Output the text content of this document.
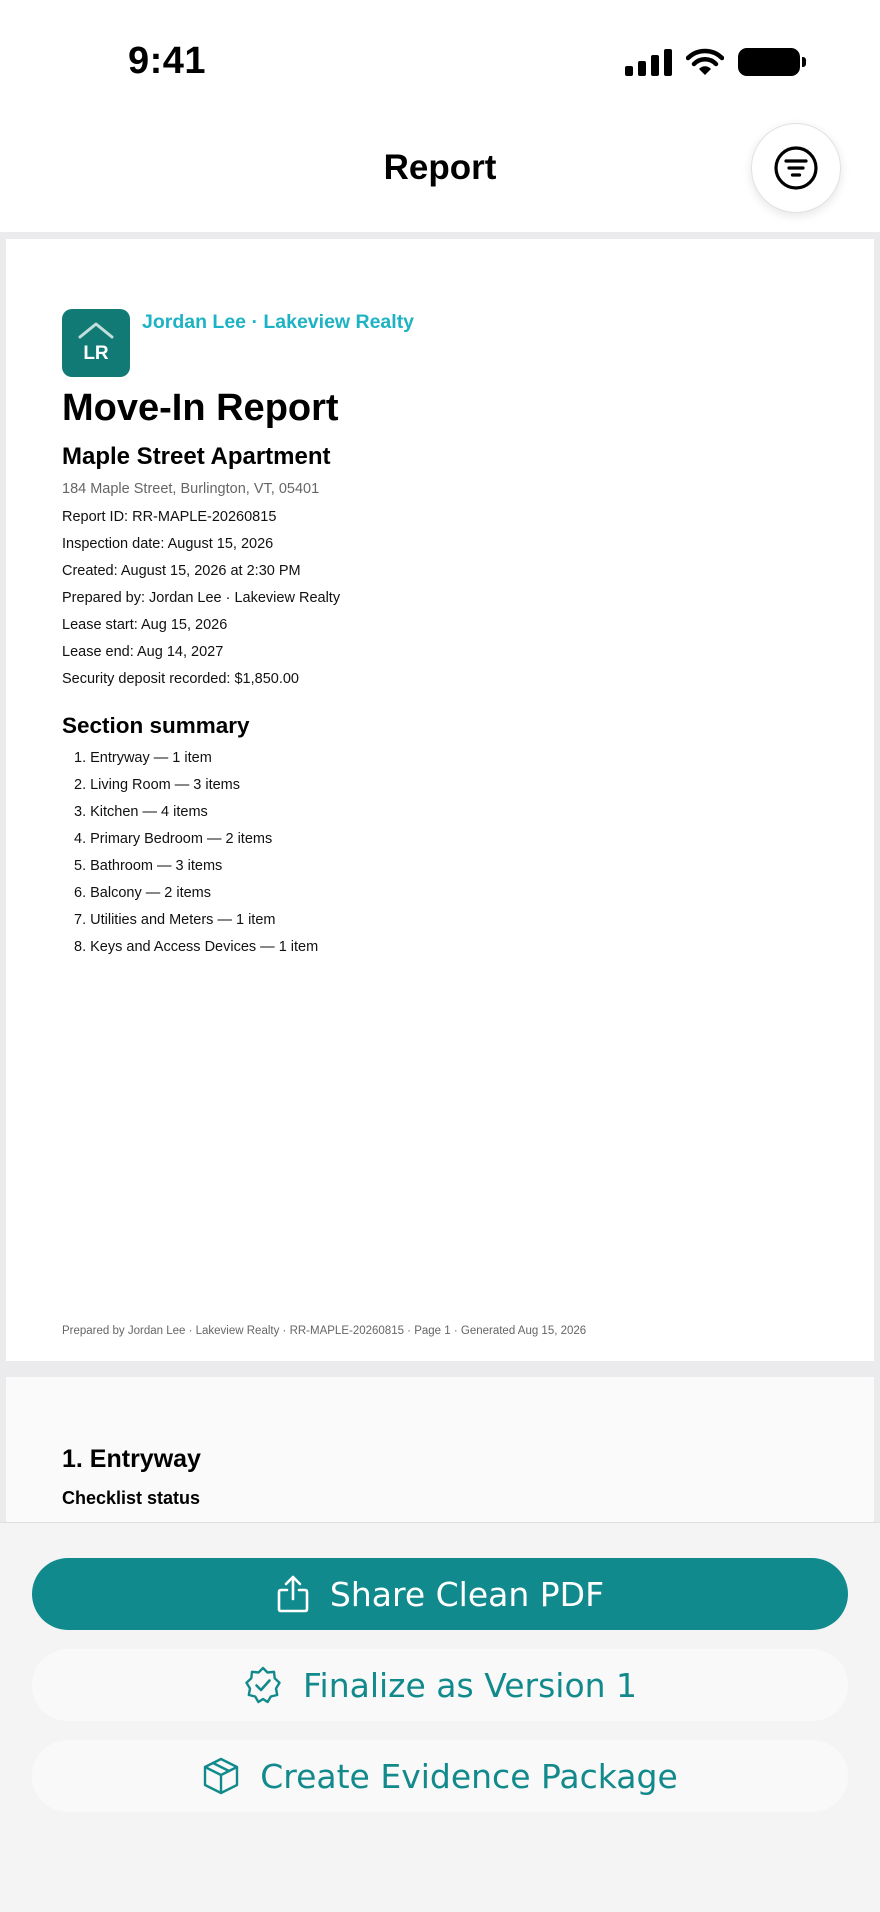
9:41
Report
LR
Jordan Lee · Lakeview Realty
Move-In Report
Maple Street Apartment
184 Maple Street, Burlington, VT, 05401
Report ID: RR-MAPLE-20260815
Inspection date: August 15, 2026
Created: August 15, 2026 at 2:30 PM
Prepared by: Jordan Lee · Lakeview Realty
Lease start: Aug 15, 2026
Lease end: Aug 14, 2027
Security deposit recorded: $1,850.00
Section summary
1. Entryway — 1 item
2. Living Room — 3 items
3. Kitchen — 4 items
4. Primary Bedroom — 2 items
5. Bathroom — 3 items
6. Balcony — 2 items
7. Utilities and Meters — 1 item
8. Keys and Access Devices — 1 item
Prepared by Jordan Lee · Lakeview Realty · RR-MAPLE-20260815 · Page 1 · Generated Aug 15, 2026
1. Entryway
Checklist status
Share Clean PDF
Finalize as Version 1
Create Evidence Package
